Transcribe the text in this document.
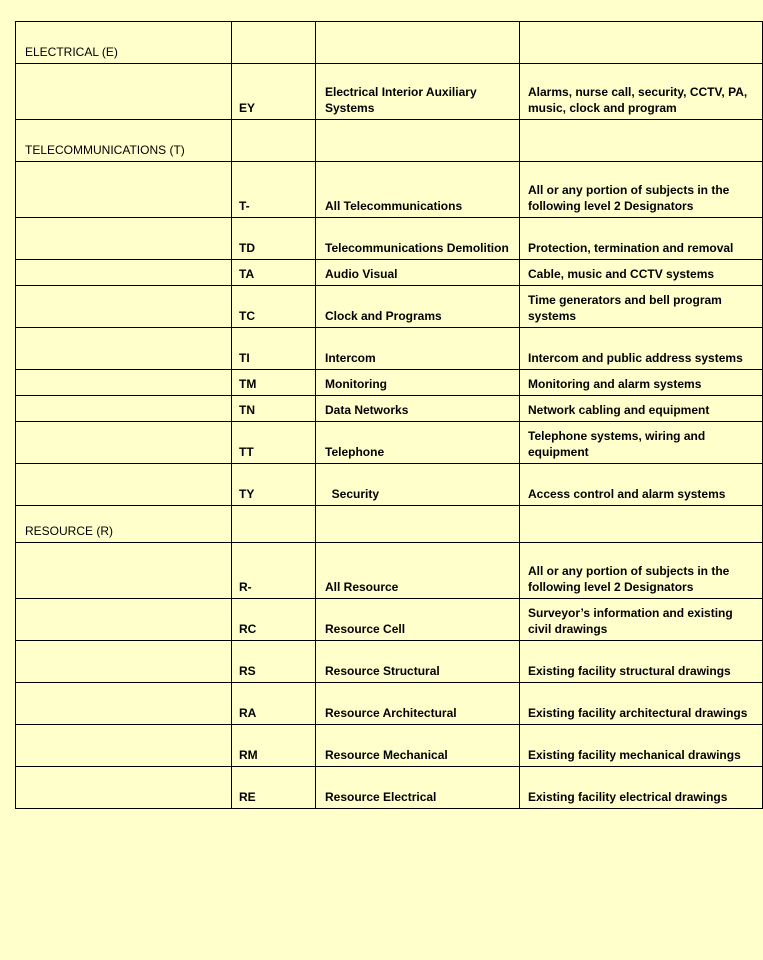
ELECTRICAL (E)			
	EY	Electrical Interior Auxiliary Systems	Alarms, nurse call, security, CCTV, PA, music, clock and program
TELECOMMUNICATIONS (T)			
	T-	All Telecommunications	All or any portion of subjects in the following level 2 Designators
	TD	Telecommunications Demolition	Protection, termination and removal
	TA	Audio Visual	Cable, music and CCTV systems
	TC	Clock and Programs	Time generators and bell program systems
	TI	Intercom	Intercom and public address systems
	TM	Monitoring	Monitoring and alarm systems
	TN	Data Networks	Network cabling and equipment
	TT	Telephone	Telephone systems, wiring and equipment
	TY	Security	Access control and alarm systems
RESOURCE (R)			
	R-	All Resource	All or any portion of subjects in the following level 2 Designators
	RC	Resource Cell	Surveyor’s information and existing civil drawings
	RS	Resource Structural	Existing facility structural drawings
	RA	Resource Architectural	Existing facility architectural drawings
	RM	Resource Mechanical	Existing facility mechanical drawings
	RE	Resource Electrical	Existing facility electrical drawings
